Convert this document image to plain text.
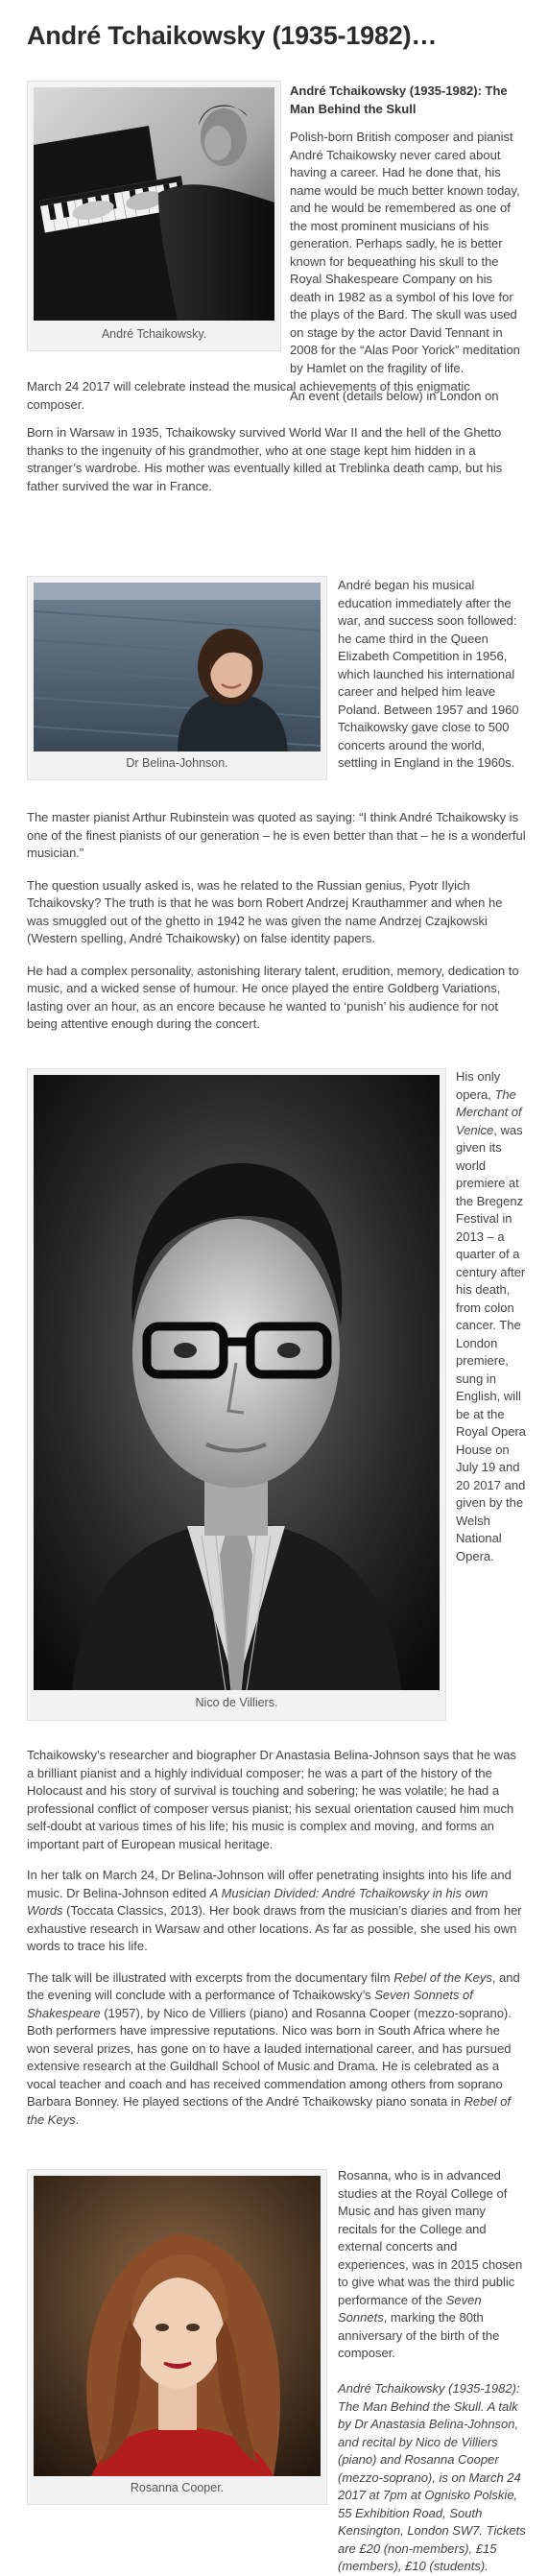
André Tchaikowsky (1935-1982)…
André Tchaikowsky.

André Tchaikowsky (1935-1982): The Man Behind the Skull

Polish-born British composer and pianist André Tchaikowsky never cared about having a career. Had he done that, his name would be much better known today, and he would be remembered as one of the most prominent musicians of his generation. Perhaps sadly, he is better known for bequeathing his skull to the Royal Shakespeare Company on his death in 1982 as a symbol of his love for the plays of the Bard. The skull was used on stage by the actor David Tennant in 2008 for the “Alas Poor Yorick” meditation by Hamlet on the fragility of life.

An event (details below) in London on

March 24 2017 will celebrate instead the musical achievements of this enigmatic composer.

Born in Warsaw in 1935, Tchaikowsky survived World War II and the hell of the Ghetto thanks to the ingenuity of his grandmother, who at one stage kept him hidden in a stranger’s wardrobe. His mother was eventually killed at Treblinka death camp, but his father survived the war in France.

Dr Belina-Johnson.

André began his musical education immediately after the war, and success soon followed: he came third in the Queen Elizabeth Competition in 1956, which launched his international career and helped him leave Poland. Between 1957 and 1960 Tchaikowsky gave close to 500 concerts around the world, settling in England in the 1960s.

The master pianist Arthur Rubinstein was quoted as saying: “I think André Tchaikowsky is one of the finest pianists of our generation – he is even better than that – he is a wonderful musician.”

The question usually asked is, was he related to the Russian genius, Pyotr Ilyich Tchaikovsky? The truth is that he was born Robert Andrzej Krauthammer and when he was smuggled out of the ghetto in 1942 he was given the name Andrzej Czajkowski (Western spelling, André Tchaikowsky) on false identity papers.

He had a complex personality, astonishing literary talent, erudition, memory, dedication to music, and a wicked sense of humour. He once played the entire Goldberg Variations, lasting over an hour, as an encore because he wanted to ‘punish’ his audience for not being attentive enough during the concert.

Nico de Villiers.

His only opera, The Merchant of Venice, was given its world premiere at the Bregenz Festival in 2013 – a quarter of a century after his death, from colon cancer. The London premiere, sung in English, will be at the Royal Opera House on July 19 and 20 2017 and given by the Welsh National Opera.

Tchaikowsky’s researcher and biographer Dr Anastasia Belina-Johnson says that he was a brilliant pianist and a highly individual composer; he was a part of the history of the Holocaust and his story of survival is touching and sobering; he was volatile; he had a professional conflict of composer versus pianist; his sexual orientation caused him much self-doubt at various times of his life; his music is complex and moving, and forms an important part of European musical heritage.

In her talk on March 24, Dr Belina-Johnson will offer penetrating insights into his life and music. Dr Belina-Johnson edited A Musician Divided: André Tchaikowsky in his own Words (Toccata Classics, 2013). Her book draws from the musician’s diaries and from her exhaustive research in Warsaw and other locations. As far as possible, she used his own words to trace his life.

The talk will be illustrated with excerpts from the documentary film Rebel of the Keys, and the evening will conclude with a performance of Tchaikowsky’s Seven Sonnets of Shakespeare (1957), by Nico de Villiers (piano) and Rosanna Cooper (mezzo-soprano). Both performers have impressive reputations. Nico was born in South Africa where he won several prizes, has gone on to have a lauded international career, and has pursued extensive research at the Guildhall School of Music and Drama. He is celebrated as a vocal teacher and coach and has received commendation among others from soprano Barbara Bonney. He played sections of the André Tchaikowsky piano sonata in Rebel of the Keys.

Rosanna Cooper.

Rosanna, who is in advanced studies at the Royal College of Music and has given many recitals for the College and external concerts and experiences, was in 2015 chosen to give what was the third public performance of the Seven Sonnets, marking the 80th anniversary of the birth of the composer.

André Tchaikowsky (1935-1982): The Man Behind the Skull. A talk by Dr Anastasia Belina-Johnson, and recital by Nico de Villiers (piano) and Rosanna Cooper (mezzo-soprano), is on March 24 2017 at 7pm at Ognisko Polskie, 55 Exhibition Road, South Kensington, London SW7. Tickets are £20 (non-members), £15 (members), £10 (students).
